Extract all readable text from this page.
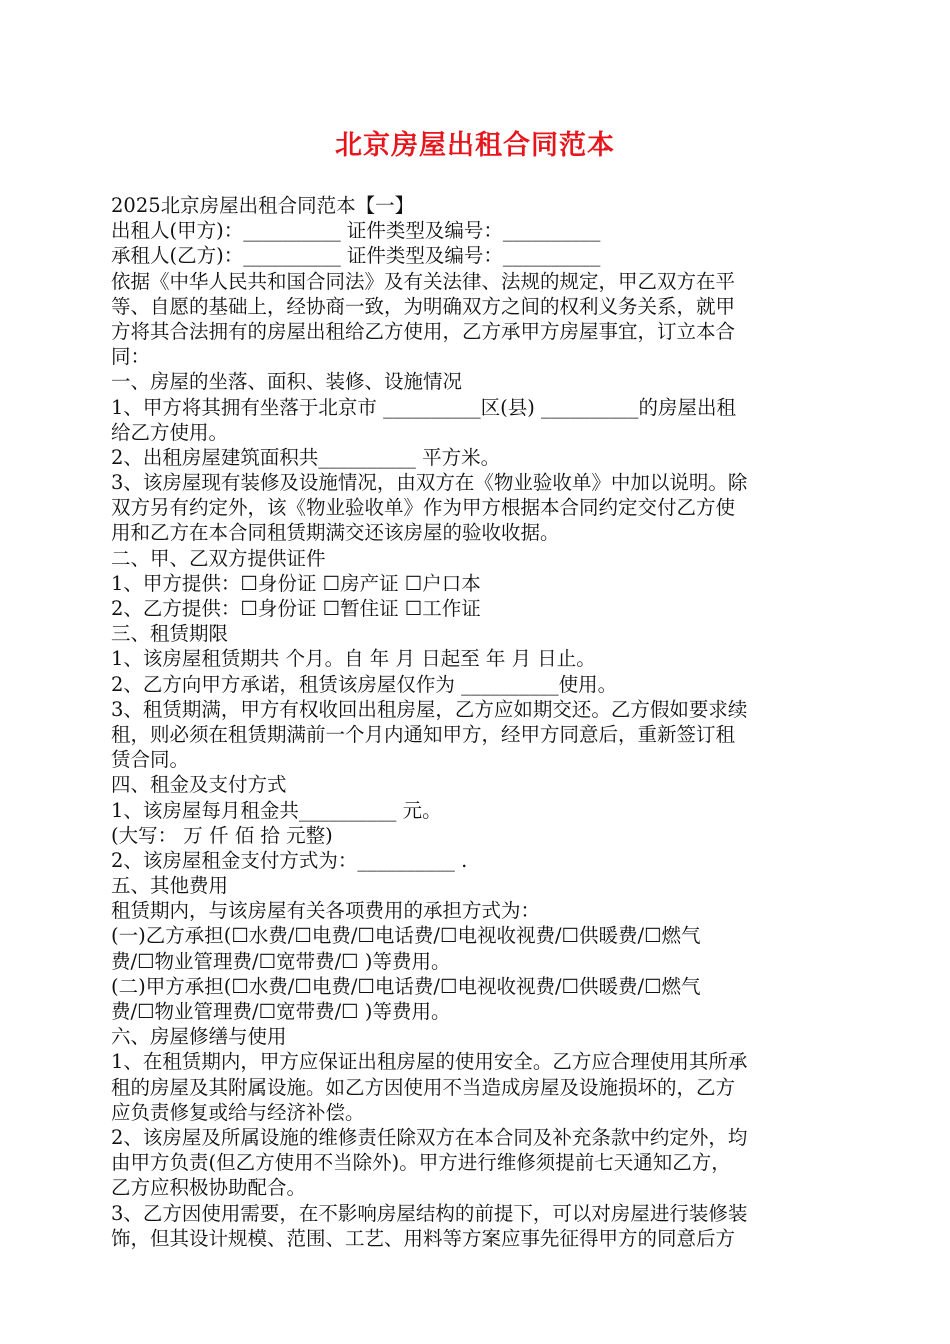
北京房屋出租合同范本
2025北京房屋出租合同范本【一】
出租人(甲方)：__________ 证件类型及编号：__________
承租人(乙方)：__________ 证件类型及编号：__________
依据《中华人民共和国合同法》及有关法律、法规的规定，甲乙双方在平
等、自愿的基础上，经协商一致，为明确双方之间的权利义务关系，就甲
方将其合法拥有的房屋出租给乙方使用，乙方承甲方房屋事宜，订立本合
同：
一、房屋的坐落、面积、装修、设施情况
1、甲方将其拥有坐落于北京市 __________区(县) __________的房屋出租
给乙方使用。
2、出租房屋建筑面积共__________ 平方米。
3、该房屋现有装修及设施情况，由双方在《物业验收单》中加以说明。除
双方另有约定外，该《物业验收单》作为甲方根据本合同约定交付乙方使
用和乙方在本合同租赁期满交还该房屋的验收收据。
二、甲、乙双方提供证件
1、甲方提供：☐身份证 ☐房产证 ☐户口本
2、乙方提供：☐身份证 ☐暂住证 ☐工作证
三、租赁期限
1、该房屋租赁期共 个月。自 年 月 日起至 年 月 日止。
2、乙方向甲方承诺，租赁该房屋仅作为 __________使用。
3、租赁期满，甲方有权收回出租房屋，乙方应如期交还。乙方假如要求续
租，则必须在租赁期满前一个月内通知甲方，经甲方同意后，重新签订租
赁合同。
四、租金及支付方式
1、该房屋每月租金共__________ 元。
(大写： 万 仟 佰 拾 元整)
2、该房屋租金支付方式为：__________ .
五、其他费用
租赁期内，与该房屋有关各项费用的承担方式为：
(一)乙方承担(☐水费/☐电费/☐电话费/☐电视收视费/☐供暖费/☐燃气
费/☐物业管理费/☐宽带费/☐ )等费用。
(二)甲方承担(☐水费/☐电费/☐电话费/☐电视收视费/☐供暖费/☐燃气
费/☐物业管理费/☐宽带费/☐ )等费用。
六、房屋修缮与使用
1、在租赁期内，甲方应保证出租房屋的使用安全。乙方应合理使用其所承
租的房屋及其附属设施。如乙方因使用不当造成房屋及设施损坏的，乙方
应负责修复或给与经济补偿。
2、该房屋及所属设施的维修责任除双方在本合同及补充条款中约定外，均
由甲方负责(但乙方使用不当除外)。甲方进行维修须提前七天通知乙方，
乙方应积极协助配合。
3、乙方因使用需要，在不影响房屋结构的前提下，可以对房屋进行装修装
饰，但其设计规模、范围、工艺、用料等方案应事先征得甲方的同意后方
